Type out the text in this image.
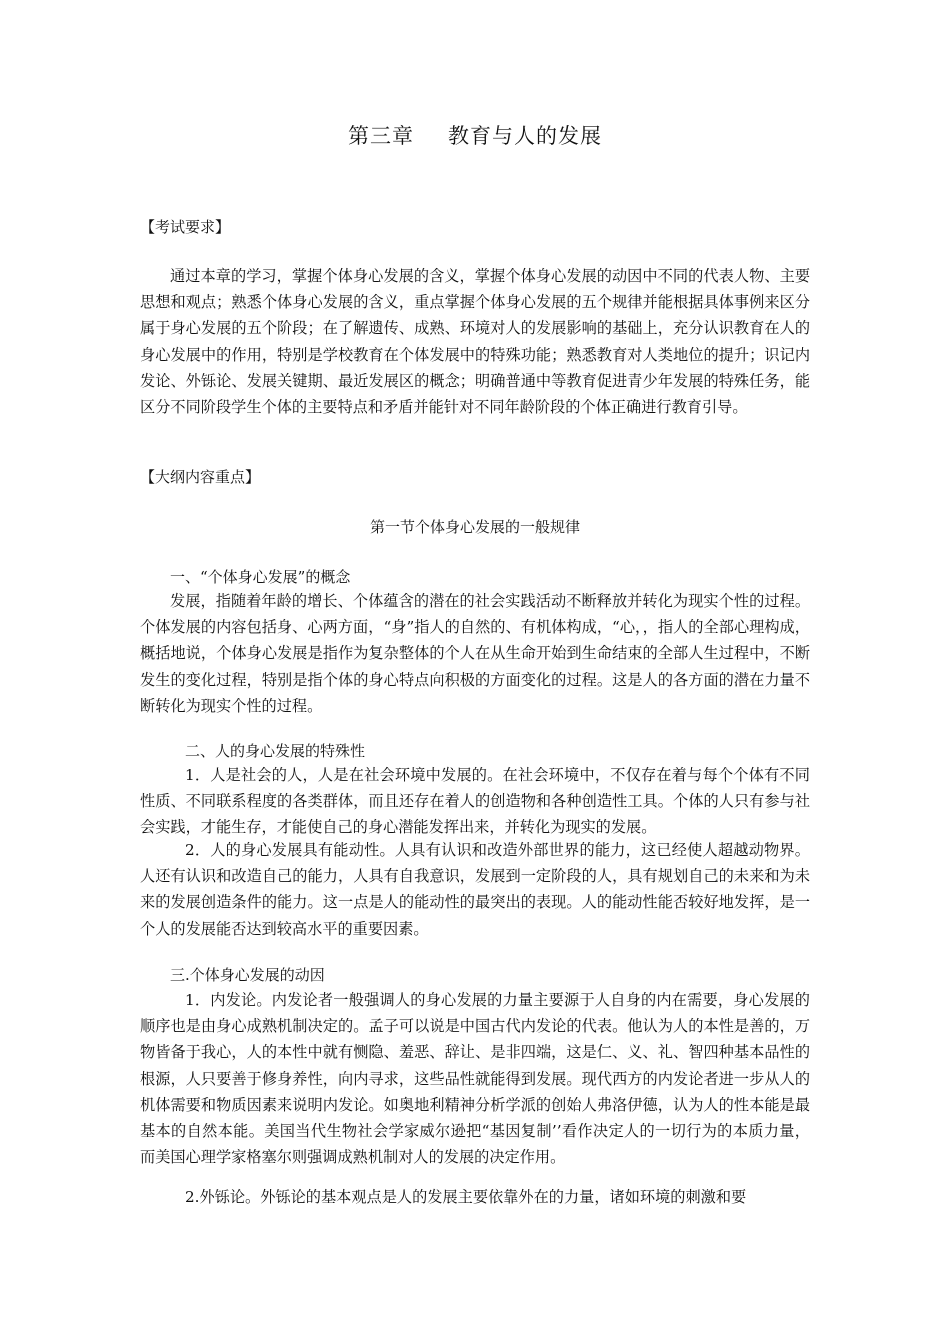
第三章 教育与人的发展
【考试要求】

通过本章的学习，掌握个体身心发展的含义，掌握个体身心发展的动因中不同的代表人物、主要思想和观点；熟悉个体身心发展的含义，重点掌握个体身心发展的五个规律并能根据具体事例来区分属于身心发展的五个阶段；在了解遗传、成熟、环境对人的发展影响的基础上，充分认识教育在人的身心发展中的作用，特别是学校教育在个体发展中的特殊功能；熟悉教育对人类地位的提升；识记内发论、外铄论、发展关键期、最近发展区的概念；明确普通中等教育促进青少年发展的特殊任务，能区分不同阶段学生个体的主要特点和矛盾并能针对不同年龄阶段的个体正确进行教育引导。

【大纲内容重点】
第一节个体身心发展的一般规律
一、“个体身心发展”的概念

发展，指随着年龄的增长、个体蕴含的潜在的社会实践活动不断释放并转化为现实个性的过程。个体发展的内容包括身、心两方面，“身”指人的自然的、有机体构成，“心，，指人的全部心理构成，概括地说，个体身心发展是指作为复杂整体的个人在从生命开始到生命结束的全部人生过程中，不断发生的变化过程，特别是指个体的身心特点向积极的方面变化的过程。这是人的各方面的潜在力量不断转化为现实个性的过程。

二、人的身心发展的特殊性

1．人是社会的人，人是在社会环境中发展的。在社会环境中，不仅存在着与每个个体有不同性质、不同联系程度的各类群体，而且还存在着人的创造物和各种创造性工具。个体的人只有参与社会实践，才能生存，才能使自己的身心潜能发挥出来，并转化为现实的发展。

2．人的身心发展具有能动性。人具有认识和改造外部世界的能力，这已经使人超越动物界。人还有认识和改造自己的能力，人具有自我意识，发展到一定阶段的人，具有规划自己的未来和为未来的发展创造条件的能力。这一点是人的能动性的最突出的表现。人的能动性能否较好地发挥，是一个人的发展能否达到较高水平的重要因素。

三.个体身心发展的动因

1．内发论。内发论者一般强调人的身心发展的力量主要源于人自身的内在需要，身心发展的顺序也是由身心成熟机制决定的。孟子可以说是中国古代内发论的代表。他认为人的本性是善的，万物皆备于我心，人的本性中就有恻隐、羞恶、辞让、是非四端，这是仁、义、礼、智四种基本品性的根源，人只要善于修身养性，向内寻求，这些品性就能得到发展。现代西方的内发论者进一步从人的机体需要和物质因素来说明内发论。如奥地利精神分析学派的创始人弗洛伊德，认为人的性本能是最基本的自然本能。美国当代生物社会学家威尔逊把“基因复制’’看作决定人的一切行为的本质力量，而美国心理学家格塞尔则强调成熟机制对人的发展的决定作用。

2.外铄论。外铄论的基本观点是人的发展主要依靠外在的力量，诸如环境的刺激和要
